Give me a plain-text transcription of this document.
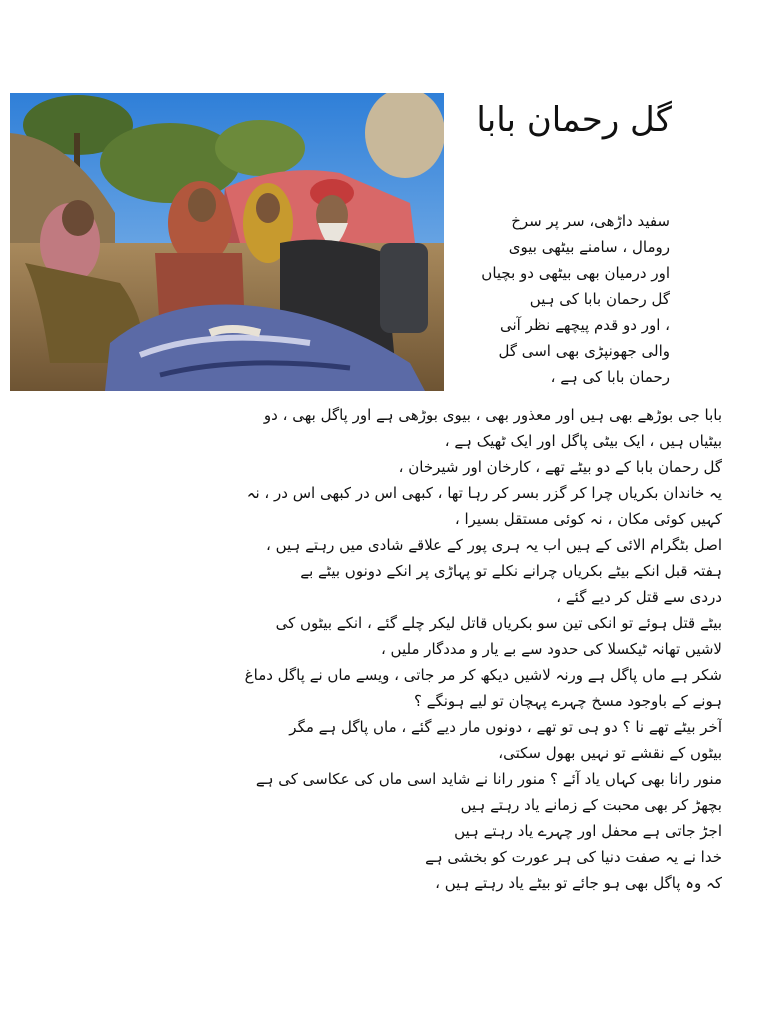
گل رحمان بابا
سفید داڑھی، سر پر سرخ
رومال ، سامنے بیٹھی بیوی
اور درمیان بھی بیٹھی دو بچیاں
گل رحمان بابا کی ہیں
، اور دو قدم پیچھے نظر آنی
والی جھونپڑی بھی اسی گل
رحمان بابا کی ہے ،
بابا جی بوڑھے بھی ہیں اور معذور بھی ، بیوی بوڑھی ہے اور پاگل بھی ، دو
بیٹیاں ہیں ، ایک بیٹی پاگل اور ایک ٹھیک ہے ،
گل رحمان بابا کے دو بیٹے تھے ، کارخان اور شیرخان ،
یہ خاندان بکریاں چرا کر گزر بسر کر رہا تھا ، کبھی اس در کبھی اس در ، نہ
کہیں کوئی مکان ، نہ کوئی مستقل بسیرا ،
اصل بٹگرام الائی کے ہیں اب یہ ہری پور کے علاقے شادی میں رہتے ہیں ،
ہفتہ قبل انکے بیٹے بکریاں چرانے نکلے تو پہاڑی پر انکے دونوں بیٹے بے
دردی سے قتل کر دیے گئے ،
بیٹے قتل ہوئے تو انکی تین سو بکریاں قاتل لیکر چلے گئے ، انکے بیٹوں کی
لاشیں تھانہ ٹیکسلا کی حدود سے بے یار و مددگار ملیں ،
شکر ہے ماں پاگل ہے ورنہ لاشیں دیکھ کر مر جاتی ، ویسے ماں نے پاگل دماغ
ہونے کے باوجود مسخ چہرے پہچان تو لیے ہونگے ؟
آخر بیٹے تھے نا ؟ دو ہی تو تھے ، دونوں مار دیے گئے ، ماں پاگل ہے مگر
بیٹوں کے نقشے تو نہیں بھول سکتی،
منور رانا بھی کہاں یاد آئے ؟ منور رانا نے شاید اسی ماں کی عکاسی کی ہے
بچھڑ کر بھی محبت کے زمانے یاد رہتے ہیں
اجڑ جاتی ہے محفل اور چہرے یاد رہتے ہیں
خدا نے یہ صفت دنیا کی ہر عورت کو بخشی ہے
کہ وہ پاگل بھی ہو جائے تو بیٹے یاد رہتے ہیں ،
